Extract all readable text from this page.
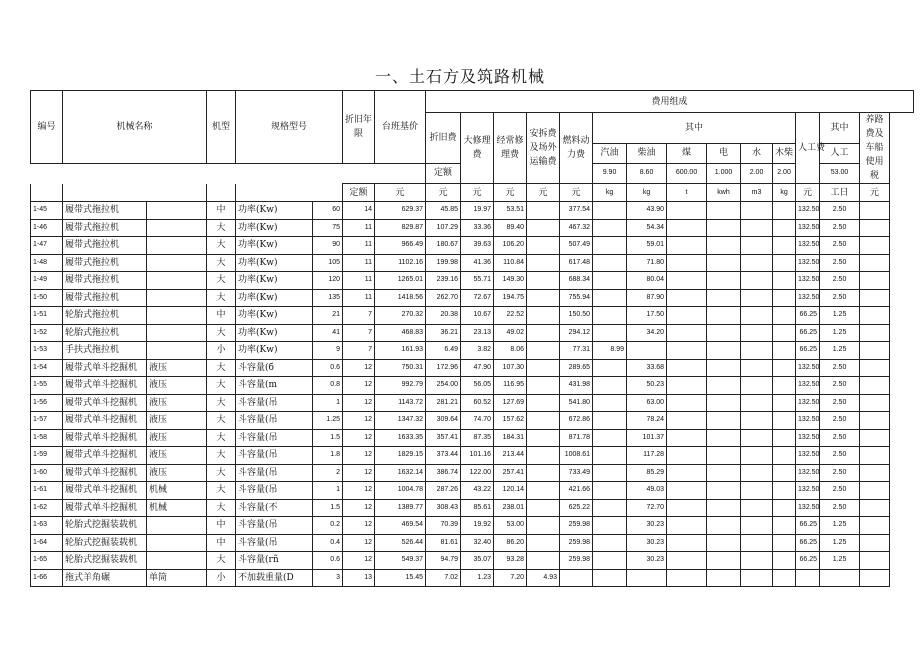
一、土石方及筑路机械
编号	机械名称		机型	规格型号		折旧年限	台班基价	费用组成													
								折旧费	大修理费	经常修理费	安拆费及场外运输费	燃料动力费	其中						人工费	其中	养路费及车船使用税
													汽油	柴油	煤	电	水	木柴		人工	
								定额					9.90	8.60	600.00	1.000	2.00	2.00		53.00	
						定额	元	元	元	元	元	元	kg	kg	t	kwh	m3	kg	元	工日	元
1-45	履带式拖拉机		中	功率(Kw)	60	14	629.37	45.85	19.97	53.51		377.54		43.90					132.50	2.50	
1-46	履带式拖拉机		大	功率(Kw)	75	11	829.87	107.29	33.36	89.40		467.32		54.34					132.50	2.50	
1-47	履带式拖拉机		大	功率(Kw)	90	11	966.49	180.67	39.63	106.20		507.49		59.01					132.50	2.50	
1-48	履带式拖拉机		大	功率(Kw)	105	11	1102.16	199.98	41.36	110.84		617.48		71.80					132.50	2.50	
1-49	履带式拖拉机		大	功率(Kw)	120	11	1265.01	239.16	55.71	149.30		688.34		80.04					132.50	2.50	
1-50	履带式拖拉机		大	功率(Kw)	135	11	1418.56	262.70	72.67	194.75		755.94		87.90					132.50	2.50	
1-51	轮胎式拖拉机		中	功率(Kw)	21	7	270.32	20.38	10.67	22.52		150.50		17.50					66.25	1.25	
1-52	轮胎式拖拉机		大	功率(Kw)	41	7	468.83	36.21	23.13	49.02		294.12		34.20					66.25	1.25	
1-53	手扶式拖拉机		小	功率(Kw)	9	7	161.93	6.49	3.82	8.06		77.31	8.99						66.25	1.25	
1-54	履带式单斗挖掘机	液压	大	斗容量(б	0.6	12	750.31	172.96	47.90	107.30		289.65		33.68					132.50	2.50	
1-55	履带式单斗挖掘机	液压	大	斗容量(m	0.8	12	992.79	254.00	56.05	116.95		431.98		50.23					132.50	2.50	
1-56	履带式单斗挖掘机	液压	大	斗容量(吊	1	12	1143.72	281.21	60.52	127.69		541.80		63.00					132.50	2.50	
1-57	履带式单斗挖掘机	液压	大	斗容量(吊	1.25	12	1347.32	309.64	74.70	157.62		672.86		78.24					132.50	2.50	
1-58	履带式单斗挖掘机	液压	大	斗容量(吊	1.5	12	1633.35	357.41	87.35	184.31		871.78		101.37					132.50	2.50	
1-59	履带式单斗挖掘机	液压	大	斗容量(吊	1.8	12	1829.15	373.44	101.16	213.44		1008.61		117.28					132.50	2.50	
1-60	履带式单斗挖掘机	液压	大	斗容量(吊	2	12	1632.14	386.74	122.00	257.41		733.49		85.29					132.50	2.50	
1-61	履带式单斗挖掘机	机械	大	斗容量(吊	1	12	1004.78	287.26	43.22	120.14		421.66		49.03					132.50	2.50	
1-62	履带式单斗挖掘机	机械	大	斗容量(不	1.5	12	1389.77	308.43	85.61	238.01		625.22		72.70					132.50	2.50	
1-63	轮胎式挖掘装载机		中	斗容量(吊	0.2	12	469.54	70.39	19.92	53.00		259.98		30.23					66.25	1.25	
1-64	轮胎式挖掘装载机		中	斗容量(吊	0.4	12	526.44	81.61	32.40	86.20		259.98		30.23					66.25	1.25	
1-65	轮胎式挖掘装载机		大	斗容量(rñ	0.6	12	549.37	94.79	35.07	93.28		259.98		30.23					66.25	1.25	
1-66	拖式羊角碾	单筒	小	不加载重量(D	3	13	15.45	7.02	1.23	7.20	4.93										
